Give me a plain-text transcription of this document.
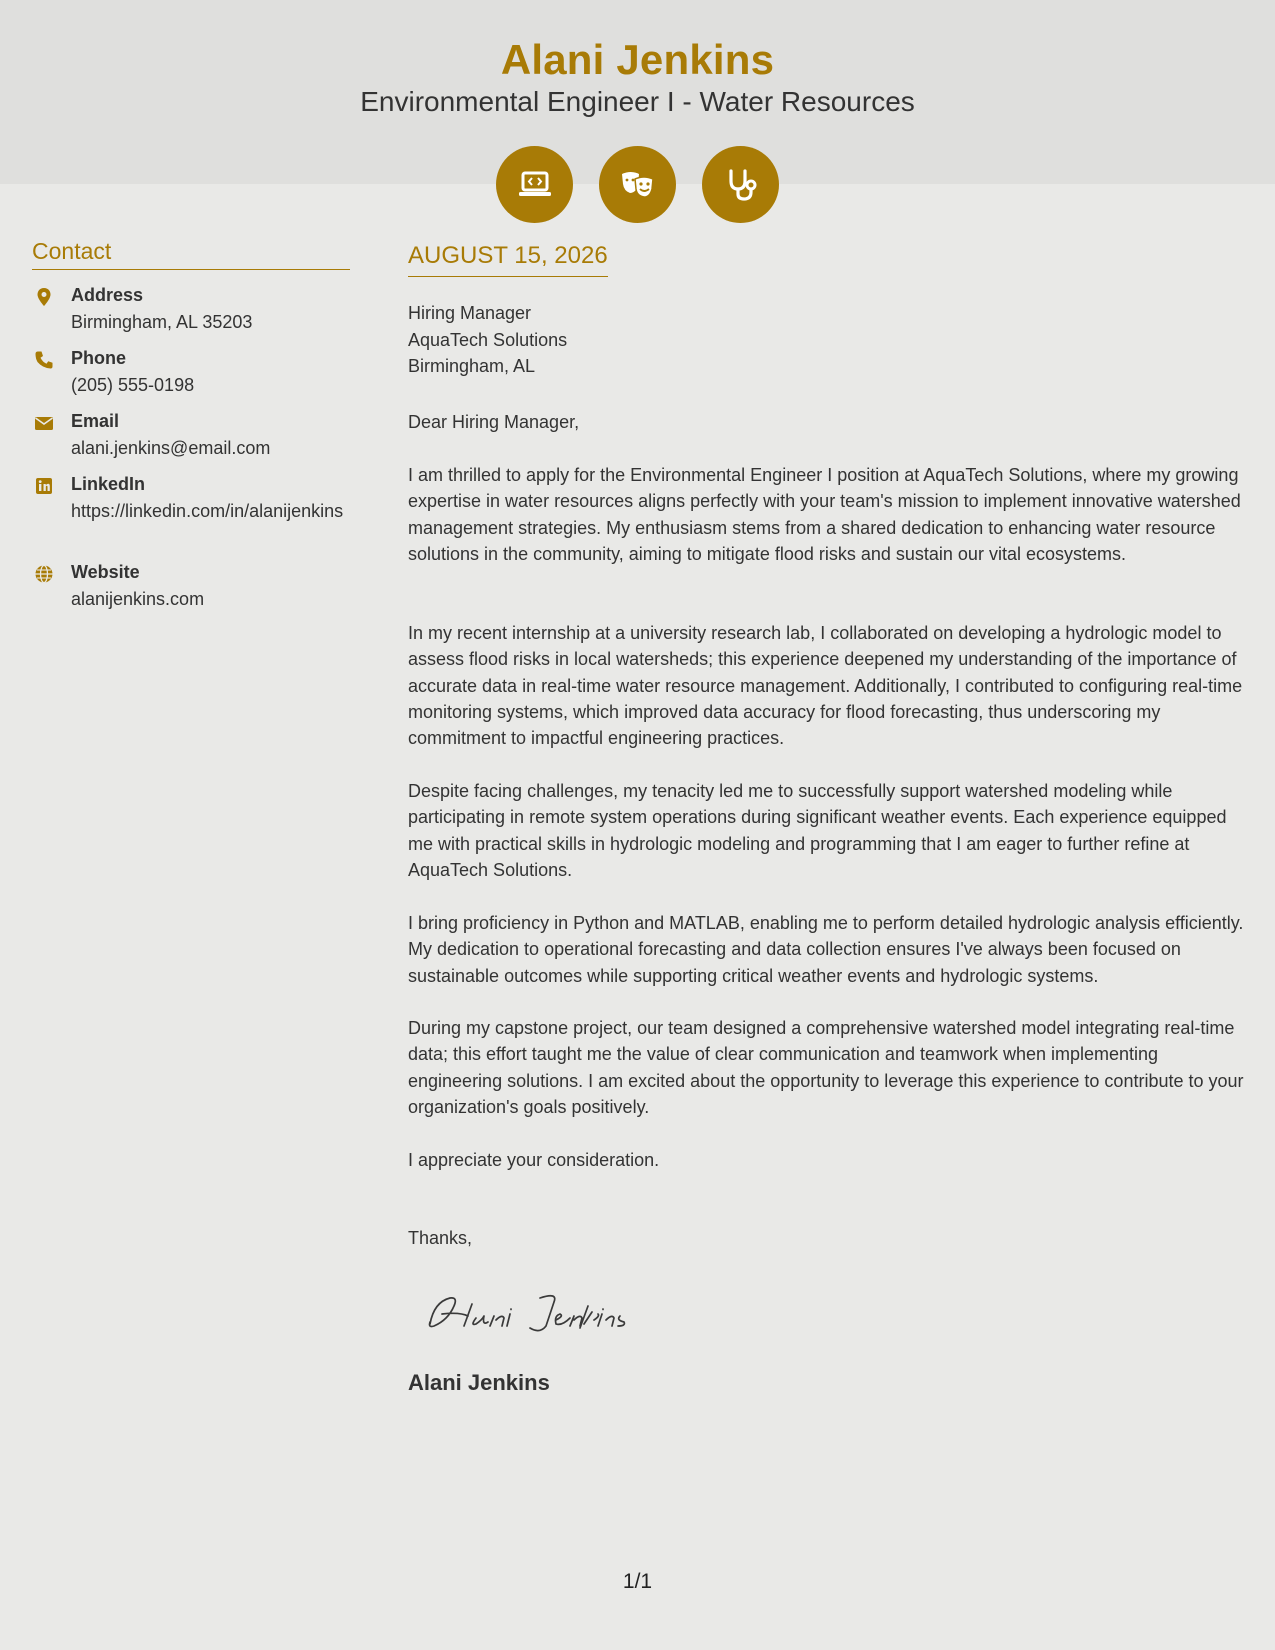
Alani Jenkins
Environmental Engineer I - Water Resources
Contact
Address
Birmingham, AL 35203
Phone
(205) 555-0198
Email
alani.jenkins@email.com
LinkedIn
https://linkedin.com/in/alanijenkins
Website
alanijenkins.com
AUGUST 15, 2026
Hiring Manager
AquaTech Solutions
Birmingham, AL
Dear Hiring Manager,
I am thrilled to apply for the Environmental Engineer I position at AquaTech Solutions, where my growing expertise in water resources aligns perfectly with your team's mission to implement innovative watershed management strategies. My enthusiasm stems from a shared dedication to enhancing water resource solutions in the community, aiming to mitigate flood risks and sustain our vital ecosystems.
In my recent internship at a university research lab, I collaborated on developing a hydrologic model to assess flood risks in local watersheds; this experience deepened my understanding of the importance of accurate data in real-time water resource management. Additionally, I contributed to configuring real-time monitoring systems, which improved data accuracy for flood forecasting, thus underscoring my commitment to impactful engineering practices.
Despite facing challenges, my tenacity led me to successfully support watershed modeling while participating in remote system operations during significant weather events. Each experience equipped me with practical skills in hydrologic modeling and programming that I am eager to further refine at AquaTech Solutions.
I bring proficiency in Python and MATLAB, enabling me to perform detailed hydrologic analysis efficiently. My dedication to operational forecasting and data collection ensures I've always been focused on sustainable outcomes while supporting critical weather events and hydrologic systems.
During my capstone project, our team designed a comprehensive watershed model integrating real-time data; this effort taught me the value of clear communication and teamwork when implementing engineering solutions. I am excited about the opportunity to leverage this experience to contribute to your organization's goals positively.
I appreciate your consideration.
Thanks,
Alani Jenkins
1/1
